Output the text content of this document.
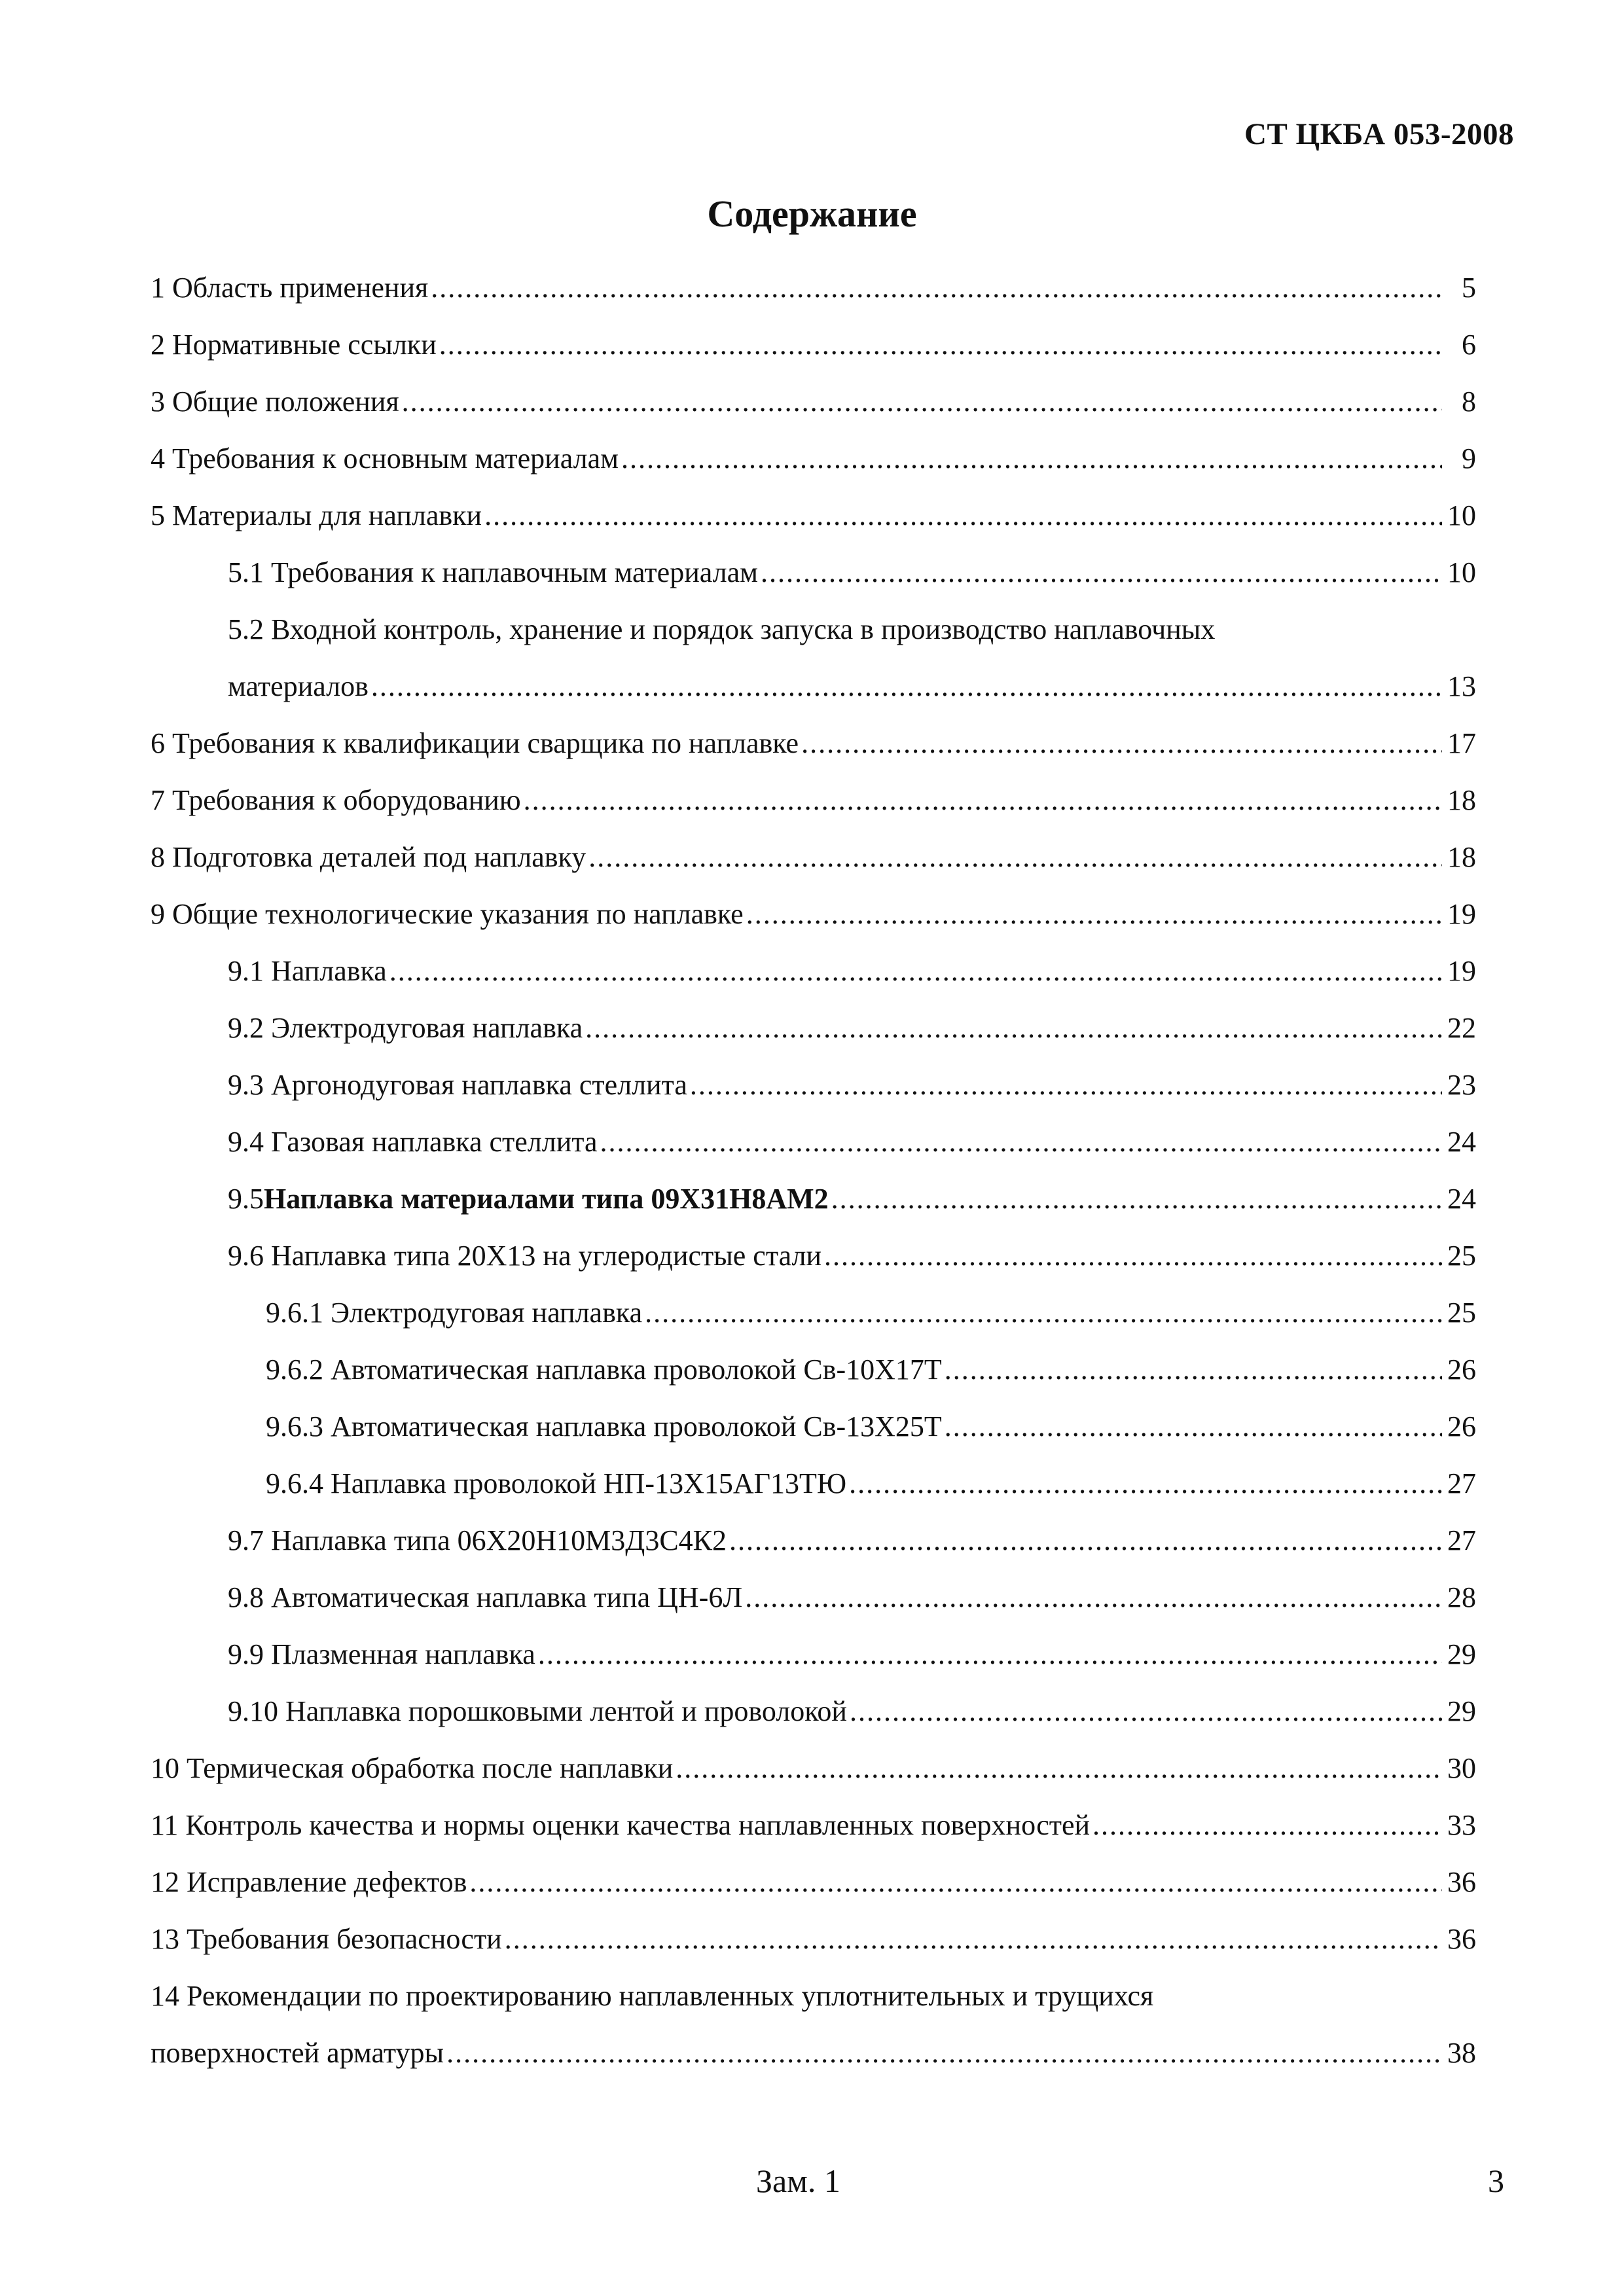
СТ ЦКБА 053-2008
Содержание
1 Область применения .....	5
2 Нормативные ссылки .....	6
3 Общие положения .....	8
4 Требования к основным материалам .....	9
5 Материалы для наплавки .....	10
5.1 Требования к наплавочным материалам .....	10
5.2 Входной контроль, хранение и порядок запуска в производство наплавочных
материалов .....	13
6 Требования к квалификации сварщика по наплавке .....	17
7 Требования к оборудованию .....	18
8 Подготовка деталей под наплавку .....	18
9 Общие технологические указания по наплавке .....	19
9.1 Наплавка .....	19
9.2 Электродуговая наплавка .....	22
9.3 Аргонодуговая наплавка стеллита .....	23
9.4 Газовая наплавка стеллита .....	24
9.5 Наплавка материалами типа 09Х31Н8АМ2 .....	24
9.6 Наплавка типа 20Х13 на углеродистые стали .....	25
9.6.1 Электродуговая наплавка .....	25
9.6.2 Автоматическая наплавка проволокой Св-10Х17Т .....	26
9.6.3 Автоматическая наплавка проволокой Св-13Х25Т .....	26
9.6.4 Наплавка проволокой НП-13Х15АГ13ТЮ .....	27
9.7 Наплавка типа 06Х20Н10М3Д3С4К2 .....	27
9.8 Автоматическая наплавка типа ЦН-6Л .....	28
9.9 Плазменная наплавка .....	29
9.10 Наплавка порошковыми лентой и проволокой .....	29
10 Термическая обработка после наплавки .....	30
11 Контроль качества и нормы оценки качества наплавленных поверхностей .....	33
12 Исправление дефектов .....	36
13 Требования безопасности .....	36
14 Рекомендации по проектированию наплавленных уплотнительных и трущихся
поверхностей арматуры .....	38
Зам. 1	3
